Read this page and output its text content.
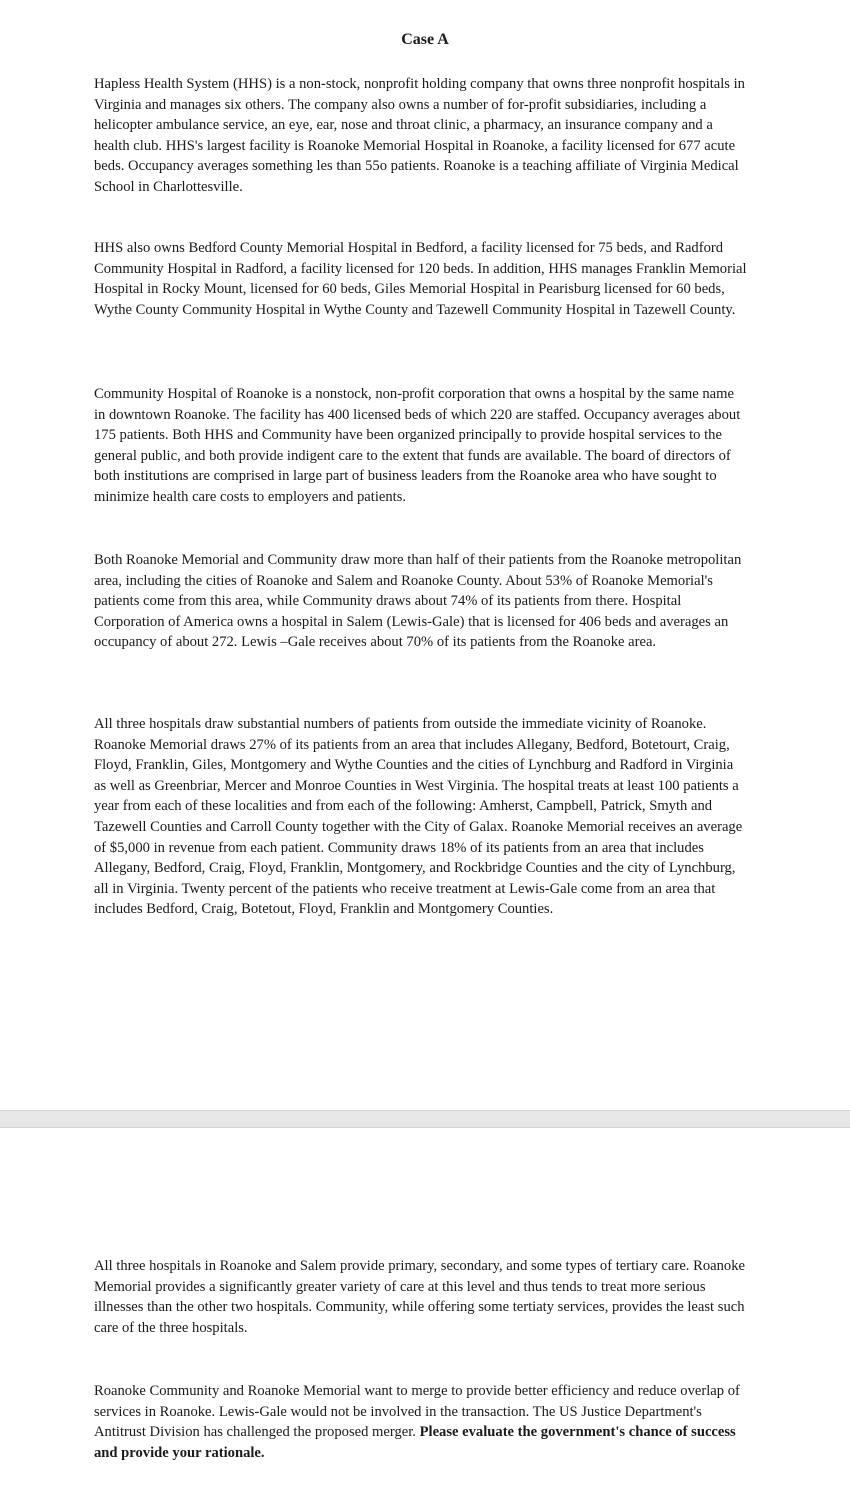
Case A

Hapless Health System (HHS) is a non-stock, nonprofit holding company that owns three nonprofit hospitals in Virginia and manages six others. The company also owns a number of for-profit subsidiaries, including a helicopter ambulance service, an eye, ear, nose and throat clinic, a pharmacy, an insurance company and a health club. HHS's largest facility is Roanoke Memorial Hospital in Roanoke, a facility licensed for 677 acute beds. Occupancy averages something les than 55o patients. Roanoke is a teaching affiliate of Virginia Medical School in Charlottesville.

HHS also owns Bedford County Memorial Hospital in Bedford, a facility licensed for 75 beds, and Radford Community Hospital in Radford, a facility licensed for 120 beds. In addition, HHS manages Franklin Memorial Hospital in Rocky Mount, licensed for 60 beds, Giles Memorial Hospital in Pearisburg licensed for 60 beds, Wythe County Community Hospital in Wythe County and Tazewell Community Hospital in Tazewell County.

Community Hospital of Roanoke is a nonstock, non-profit corporation that owns a hospital by the same name in downtown Roanoke. The facility has 400 licensed beds of which 220 are staffed. Occupancy averages about 175 patients. Both HHS and Community have been organized principally to provide hospital services to the general public, and both provide indigent care to the extent that funds are available. The board of directors of both institutions are comprised in large part of business leaders from the Roanoke area who have sought to minimize health care costs to employers and patients.

Both Roanoke Memorial and Community draw more than half of their patients from the Roanoke metropolitan area, including the cities of Roanoke and Salem and Roanoke County. About 53% of Roanoke Memorial's patients come from this area, while Community draws about 74% of its patients from there. Hospital Corporation of America owns a hospital in Salem (Lewis-Gale) that is licensed for 406 beds and averages an occupancy of about 272. Lewis –Gale receives about 70% of its patients from the Roanoke area.

All three hospitals draw substantial numbers of patients from outside the immediate vicinity of Roanoke. Roanoke Memorial draws 27% of its patients from an area that includes Allegany, Bedford, Botetourt, Craig, Floyd, Franklin, Giles, Montgomery and Wythe Counties and the cities of Lynchburg and Radford in Virginia as well as Greenbriar, Mercer and Monroe Counties in West Virginia. The hospital treats at least 100 patients a year from each of these localities and from each of the following: Amherst, Campbell, Patrick, Smyth and Tazewell Counties and Carroll County together with the City of Galax. Roanoke Memorial receives an average of $5,000 in revenue from each patient. Community draws 18% of its patients from an area that includes Allegany, Bedford, Craig, Floyd, Franklin, Montgomery, and Rockbridge Counties and the city of Lynchburg, all in Virginia. Twenty percent of the patients who receive treatment at Lewis-Gale come from an area that includes Bedford, Craig, Botetout, Floyd, Franklin and Montgomery Counties.

All three hospitals in Roanoke and Salem provide primary, secondary, and some types of tertiary care. Roanoke Memorial provides a significantly greater variety of care at this level and thus tends to treat more serious illnesses than the other two hospitals. Community, while offering some tertiaty services, provides the least such care of the three hospitals.

Roanoke Community and Roanoke Memorial want to merge to provide better efficiency and reduce overlap of services in Roanoke. Lewis-Gale would not be involved in the transaction. The US Justice Department's Antitrust Division has challenged the proposed merger. Please evaluate the government's chance of success and provide your rationale.
